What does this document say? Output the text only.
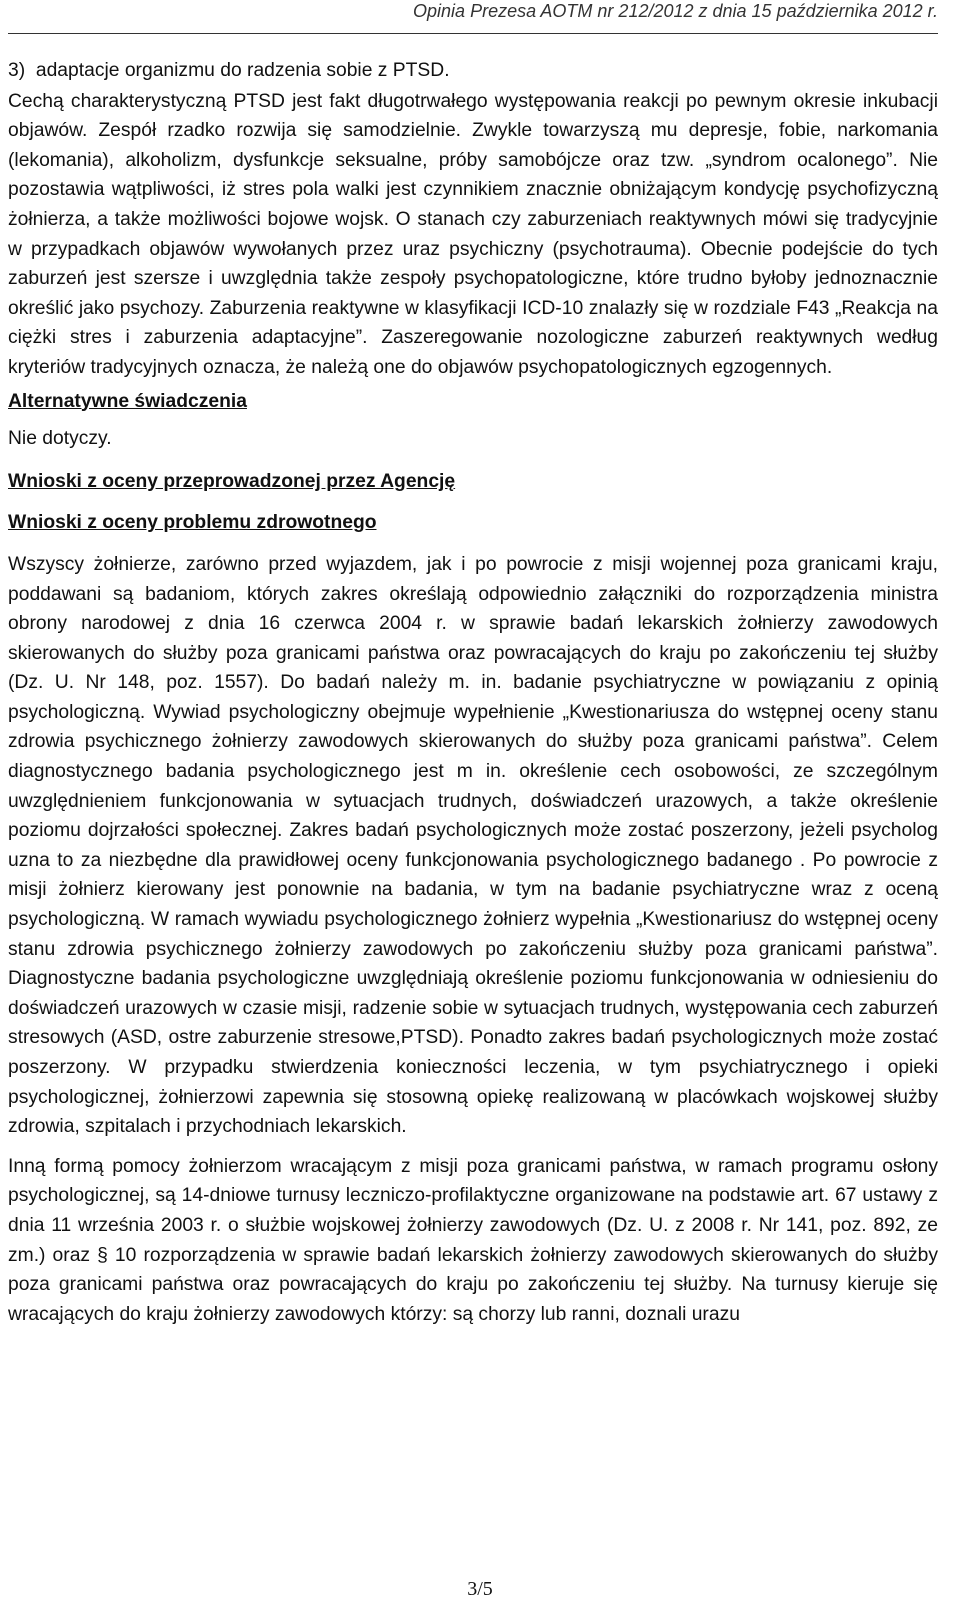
Opinia Prezesa AOTM nr 212/2012 z dnia 15 października 2012 r.

3)  adaptacje organizmu do radzenia sobie z PTSD.

Cechą charakterystyczną PTSD jest fakt długotrwałego występowania reakcji po pewnym okresie inkubacji objawów. Zespół rzadko rozwija się samodzielnie. Zwykle towarzyszą mu depresje, fobie, narkomania (lekomania), alkoholizm, dysfunkcje seksualne, próby samobójcze oraz tzw. „syndrom ocalonego”. Nie pozostawia wątpliwości, iż stres pola walki jest czynnikiem znacznie obniżającym kondycję psychofizyczną żołnierza, a także możliwości bojowe wojsk. O stanach czy zaburzeniach reaktywnych mówi się tradycyjnie w przypadkach objawów wywołanych przez uraz psychiczny (psychotrauma). Obecnie podejście do tych zaburzeń jest szersze i uwzględnia także zespoły psychopatologiczne, które trudno byłoby jednoznacznie określić jako psychozy. Zaburzenia reaktywne w klasyfikacji ICD-10 znalazły się w rozdziale F43 „Reakcja na ciężki stres i zaburzenia adaptacyjne”. Zaszeregowanie nozologiczne zaburzeń reaktywnych według kryteriów tradycyjnych oznacza, że należą one do objawów psychopatologicznych egzogennych.

Alternatywne świadczenia

Nie dotyczy.

Wnioski z oceny przeprowadzonej przez Agencję

Wnioski z oceny problemu zdrowotnego

Wszyscy żołnierze, zarówno przed wyjazdem, jak i po powrocie z misji wojennej poza granicami kraju, poddawani są badaniom, których zakres określają odpowiednio załączniki do rozporządzenia ministra obrony narodowej z dnia 16 czerwca 2004 r. w sprawie badań lekarskich żołnierzy zawodowych skierowanych do służby poza granicami państwa oraz powracających do kraju po zakończeniu tej służby (Dz. U. Nr 148, poz. 1557). Do badań należy m. in. badanie psychiatryczne w powiązaniu z opinią psychologiczną. Wywiad psychologiczny obejmuje wypełnienie „Kwestionariusza do wstępnej oceny stanu zdrowia psychicznego żołnierzy zawodowych skierowanych do służby poza granicami państwa”. Celem diagnostycznego badania psychologicznego jest m in. określenie cech osobowości, ze szczególnym uwzględnieniem funkcjonowania w sytuacjach trudnych, doświadczeń urazowych, a także określenie poziomu dojrzałości społecznej. Zakres badań psychologicznych może zostać poszerzony, jeżeli psycholog uzna to za niezbędne dla prawidłowej oceny funkcjonowania psychologicznego badanego . Po powrocie z misji żołnierz kierowany jest ponownie na badania, w tym na badanie psychiatryczne wraz z oceną psychologiczną. W ramach wywiadu psychologicznego żołnierz wypełnia „Kwestionariusz do wstępnej oceny stanu zdrowia psychicznego żołnierzy zawodowych po zakończeniu służby poza granicami państwa”. Diagnostyczne badania psychologiczne uwzględniają określenie poziomu funkcjonowania w odniesieniu do doświadczeń urazowych w czasie misji, radzenie sobie w sytuacjach trudnych, występowania cech zaburzeń stresowych (ASD, ostre zaburzenie stresowe,PTSD). Ponadto zakres badań psychologicznych może zostać poszerzony. W przypadku stwierdzenia konieczności leczenia, w tym psychiatrycznego i opieki psychologicznej, żołnierzowi zapewnia się stosowną opiekę realizowaną w placówkach wojskowej służby zdrowia, szpitalach i przychodniach lekarskich.

Inną formą pomocy żołnierzom wracającym z misji poza granicami państwa, w ramach programu osłony psychologicznej, są 14-dniowe turnusy leczniczo-profilaktyczne organizowane na podstawie art. 67 ustawy z dnia 11 września 2003 r. o służbie wojskowej żołnierzy zawodowych (Dz. U. z 2008 r. Nr 141, poz. 892, ze zm.) oraz § 10 rozporządzenia w sprawie badań lekarskich żołnierzy zawodowych skierowanych do służby poza granicami państwa oraz powracających do kraju po zakończeniu tej służby. Na turnusy kieruje się wracających do kraju żołnierzy zawodowych którzy: są chorzy lub ranni, doznali urazu

3/5
